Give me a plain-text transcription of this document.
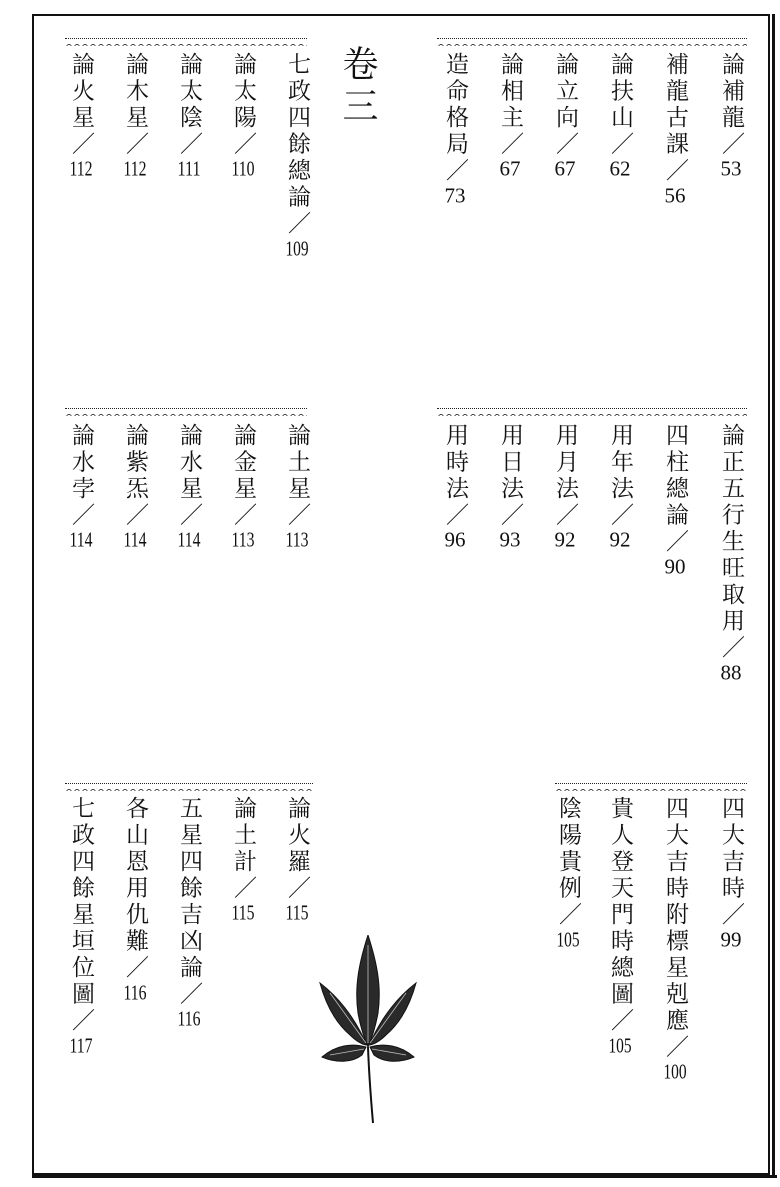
卷三	論補龍／53
補龍古課／56
論扶山／62
論立向／67
論相主／67
造命格局／73
七政四餘總論／109
論太陽／110
論太陰／111
論木星／112
論火星／112
論正五行生旺取用／88
四柱總論／90
用年法／92
用月法／92
用日法／93
用時法／96
論土星／113
論金星／113
論水星／114
論紫炁／114
論水孛／114
四大吉時／99
四大吉時附標星剋應／100
貴人登天門時總圖／105
陰陽貴例／105
論火羅／115
論土計／115
五星四餘吉凶論／116
各山恩用仇難／116
七政四餘星垣位圖／117
